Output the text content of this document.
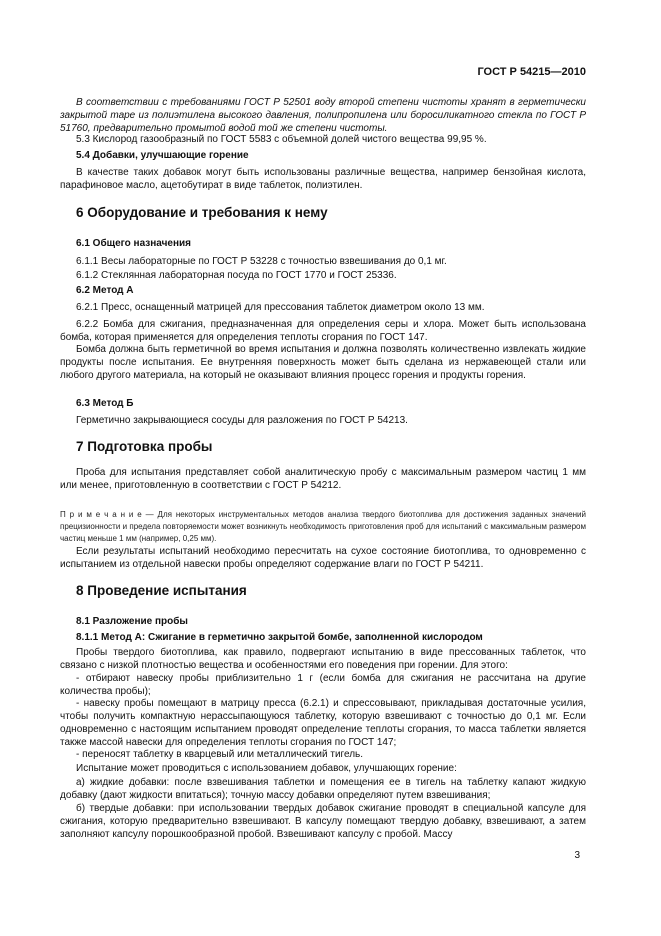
ГОСТ Р 54215—2010
В соответствии с требованиями ГОСТ Р 52501 воду второй степени чистоты хранят в герметически закрытой таре из полиэтилена высокого давления, полипропилена или боросиликатного стекла по ГОСТ Р 51760, предварительно промытой водой той же степени чистоты.
5.3 Кислород газообразный по ГОСТ 5583 с объемной долей чистого вещества 99,95 %.
5.4 Добавки, улучшающие горение
В качестве таких добавок могут быть использованы различные вещества, например бензойная кислота, парафиновое масло, ацетобутират в виде таблеток, полиэтилен.
6 Оборудование и требования к нему
6.1 Общего назначения
6.1.1 Весы лабораторные по ГОСТ Р 53228 с точностью взвешивания до 0,1 мг.
6.1.2 Стеклянная лабораторная посуда по ГОСТ 1770 и ГОСТ 25336.
6.2 Метод А
6.2.1 Пресс, оснащенный матрицей для прессования таблеток диаметром около 13 мм.
6.2.2 Бомба для сжигания, предназначенная для определения серы и хлора. Может быть использована бомба, которая применяется для определения теплоты сгорания по ГОСТ 147.
Бомба должна быть герметичной во время испытания и должна позволять количественно извлекать жидкие продукты после испытания. Ее внутренняя поверхность может быть сделана из нержавеющей стали или любого другого материала, на который не оказывают влияния процесс горения и продукты горения.
6.3 Метод Б
Герметично закрывающиеся сосуды для разложения по ГОСТ Р 54213.
7 Подготовка пробы
Проба для испытания представляет собой аналитическую пробу с максимальным размером частиц 1 мм или менее, приготовленную в соответствии с ГОСТ Р 54212.
П р и м е ч а н и е — Для некоторых инструментальных методов анализа твердого биотоплива для достижения заданных значений прецизионности и предела повторяемости может возникнуть необходимость приготовления проб для испытаний с максимальным размером частиц меньше 1 мм (например, 0,25 мм).
Если результаты испытаний необходимо пересчитать на сухое состояние биотоплива, то одновременно с испытанием из отдельной навески пробы определяют содержание влаги по ГОСТ Р 54211.
8 Проведение испытания
8.1 Разложение пробы
8.1.1 Метод А: Сжигание в герметично закрытой бомбе, заполненной кислородом
Пробы твердого биотоплива, как правило, подвергают испытанию в виде прессованных таблеток, что связано с низкой плотностью вещества и особенностями его поведения при горении. Для этого:
- отбирают навеску пробы приблизительно 1 г (если бомба для сжигания не рассчитана на другие количества пробы);
- навеску пробы помещают в матрицу пресса (6.2.1) и спрессовывают, прикладывая достаточные усилия, чтобы получить компактную нерассыпающуюся таблетку, которую взвешивают с точностью до 0,1 мг. Если одновременно с настоящим испытанием проводят определение теплоты сгорания, то масса таблетки является также массой навески для определения теплоты сгорания по ГОСТ 147;
- переносят таблетку в кварцевый или металлический тигель.
Испытание может проводиться с использованием добавок, улучшающих горение:
а) жидкие добавки: после взвешивания таблетки и помещения ее в тигель на таблетку капают жидкую добавку (дают жидкости впитаться); точную массу добавки определяют путем взвешивания;
б) твердые добавки: при использовании твердых добавок сжигание проводят в специальной капсуле для сжигания, которую предварительно взвешивают. В капсулу помещают твердую добавку, взвешивают, а затем заполняют капсулу порошкообразной пробой. Взвешивают капсулу с пробой. Массу
3
